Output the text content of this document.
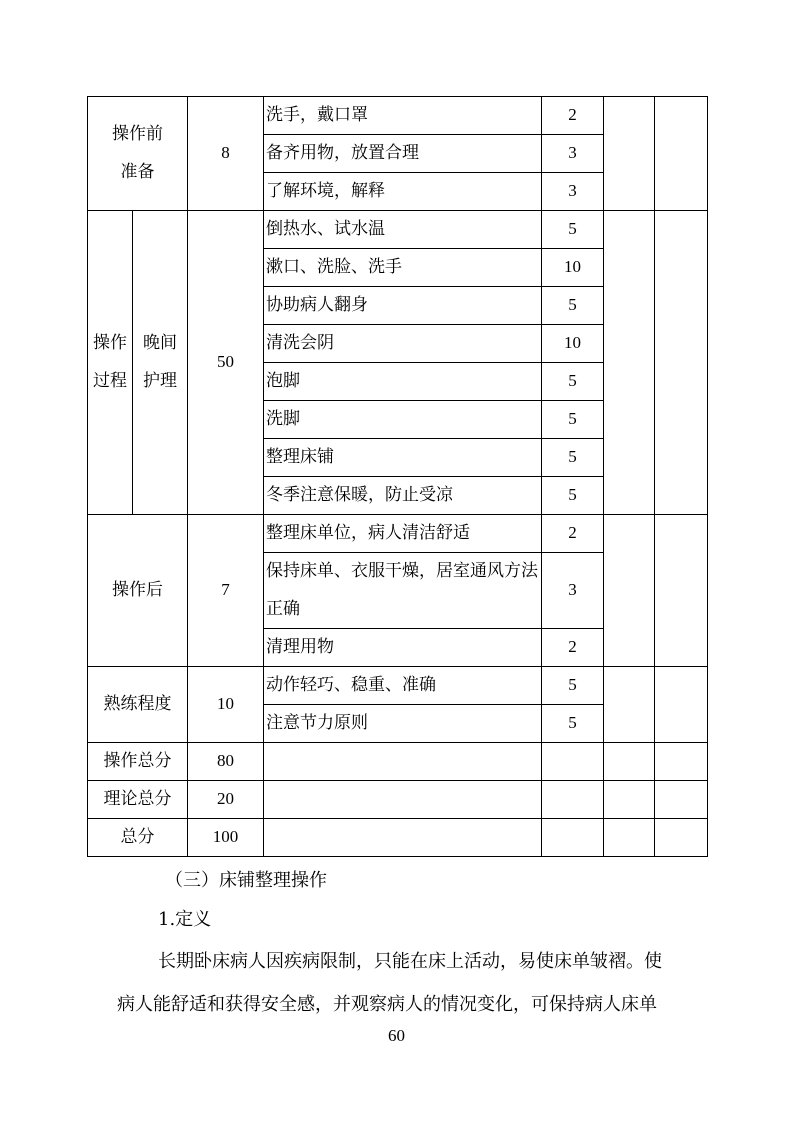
操作前准备		8	洗手，戴口罩	2		
			备齐用物，放置合理	3		
			了解环境，解释	3		
操作过程	晚间护理	50	倒热水、试水温	5		
			漱口、洗脸、洗手	10		
			协助病人翻身	5		
			清洗会阴	10		
			泡脚	5		
			洗脚	5		
			整理床铺	5		
			冬季注意保暖，防止受凉	5		
操作后		7	整理床单位，病人清洁舒适	2		
			保持床单、衣服干燥，居室通风方法正确	3		
			清理用物	2		
熟练程度		10	动作轻巧、稳重、准确	5		
			注意节力原则	5		
操作总分		80				
理论总分		20				
总分		100				
（三）床铺整理操作
1.定义
长期卧床病人因疾病限制，只能在床上活动，易使床单皱褶。使
病人能舒适和获得安全感，并观察病人的情况变化，可保持病人床单
60
